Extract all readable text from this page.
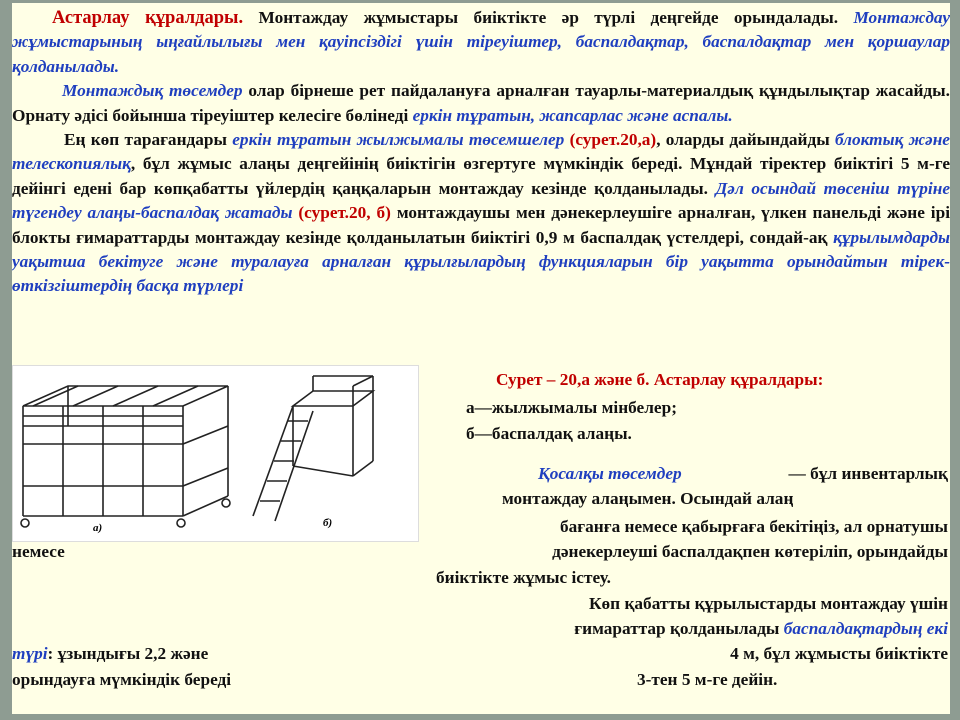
Астарлау құралдары. Монтаждау жұмыстары биіктікте әр түрлі деңгейде орындалады. Монтаждау жұмыстарының ыңғайлылығы мен қауіпсіздігі үшін тіреуіштер, баспалдақтар, баспалдақтар мен қоршаулар қолданылады.

Монтаждық төсемдер олар бірнеше рет пайдалануға арналған тауарлы-материалдық құндылықтар жасайды. Орнату әдісі бойынша тіреуіштер келесіге бөлінеді еркін тұратын, жапсарлас және аспалы.

Ең көп тарағандары еркін тұратын жылжымалы төсемшелер (сурет.20,а), оларды дайындайды блоктық және телескопиялық, бұл жұмыс алаңы деңгейінің биіктігін өзгертуге мүмкіндік береді. Мұндай тіректер биіктігі 5 м-ге дейінгі едені бар көпқабатты үйлердің қаңқаларын монтаждау кезінде қолданылады. Дәл осындай төсеніш түріне түгендеу алаңы-баспалдақ жатады (сурет.20, б) монтаждаушы мен дәнекерлеушіге арналған, үлкен панельді және ірі блокты ғимараттарды монтаждау кезінде қолданылатын биіктігі 0,9 м баспалдақ үстелдері, сондай-ақ құрылымдарды уақытша бекітуге және туралауға арналған құрылғылардың функцияларын бір уақытта орындайтын тірек-өткізгіштердің басқа түрлері

а)	б)
Сурет – 20,а және б. Астарлау құралдары:
а—жылжымалы мінбелер;
б—баспалдақ алаңы.
Қосалқы төсемдер	— бұл инвентарлық
монтаждау алаңымен. Осындай алаң
бағанға немесе қабырғаға бекітіңіз, ал орнатушы
немесе	дәнекерлеуші баспалдақпен көтеріліп, орындайды
биіктікте жұмыс істеу.
Көп қабатты құрылыстарды монтаждау үшін
ғимараттар қолданылады баспалдақтардың екі
түрі: ұзындығы 2,2 және	4 м, бұл жұмысты биіктікте
орындауға мүмкіндік береді	3-тен 5 м-ге дейін.
